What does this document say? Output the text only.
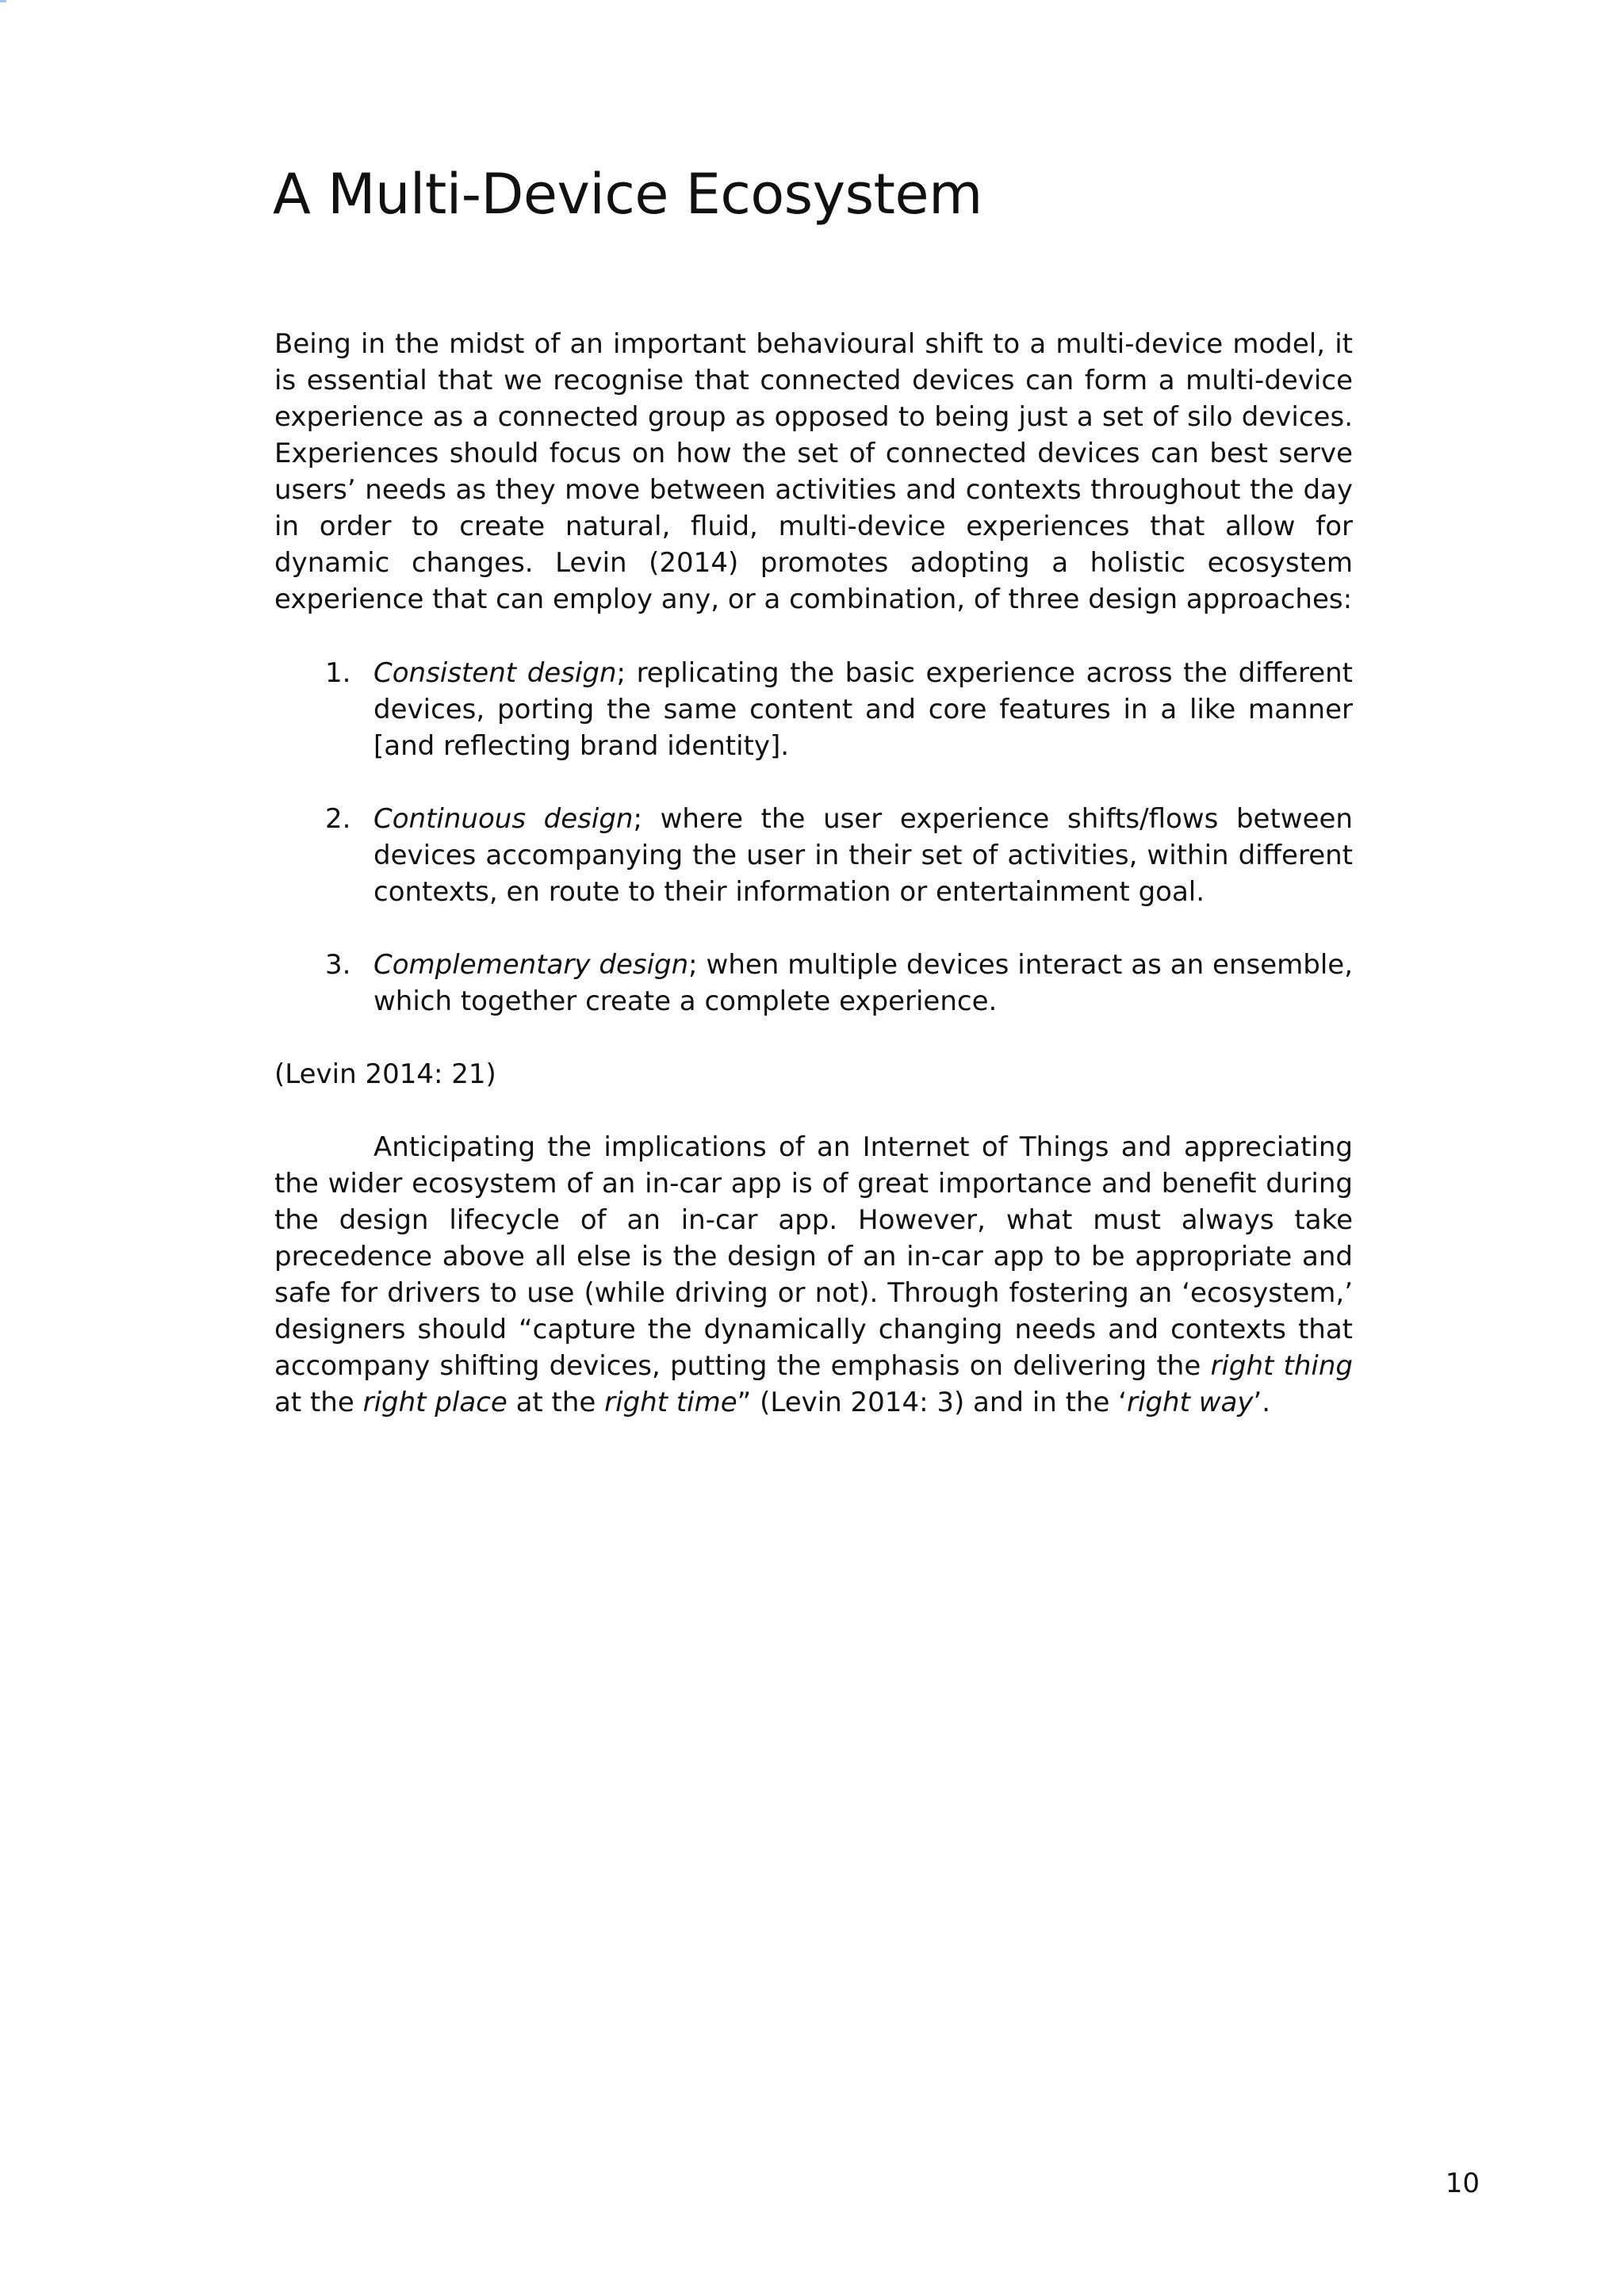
A Multi-Device Ecosystem

Being in the midst of an important behavioural shift to a multi-device model, it is essential that we recognise that connected devices can form a multi-device experience as a connected group as opposed to being just a set of silo devices. Experiences should focus on how the set of connected devices can best serve users’ needs as they move between activities and contexts throughout the day in order to create natural, fluid, multi-device experiences that allow for dynamic changes. Levin (2014) promotes adopting a holistic ecosystem experience that can employ any, or a combination, of three design approaches:

1. Consistent design; replicating the basic experience across the different devices, porting the same content and core features in a like manner [and reflecting brand identity].

2. Continuous design; where the user experience shifts/flows between devices accompanying the user in their set of activities, within different contexts, en route to their information or entertainment goal.

3. Complementary design; when multiple devices interact as an ensemble, which together create a complete experience.

(Levin 2014: 21)

Anticipating the implications of an Internet of Things and appreciating the wider ecosystem of an in-car app is of great importance and benefit during the design lifecycle of an in-car app. However, what must always take precedence above all else is the design of an in-car app to be appropriate and safe for drivers to use (while driving or not). Through fostering an ‘ecosystem,’ designers should “capture the dynamically changing needs and contexts that accompany shifting devices, putting the emphasis on delivering the right thing at the right place at the right time” (Levin 2014: 3) and in the ‘right way’.

10
